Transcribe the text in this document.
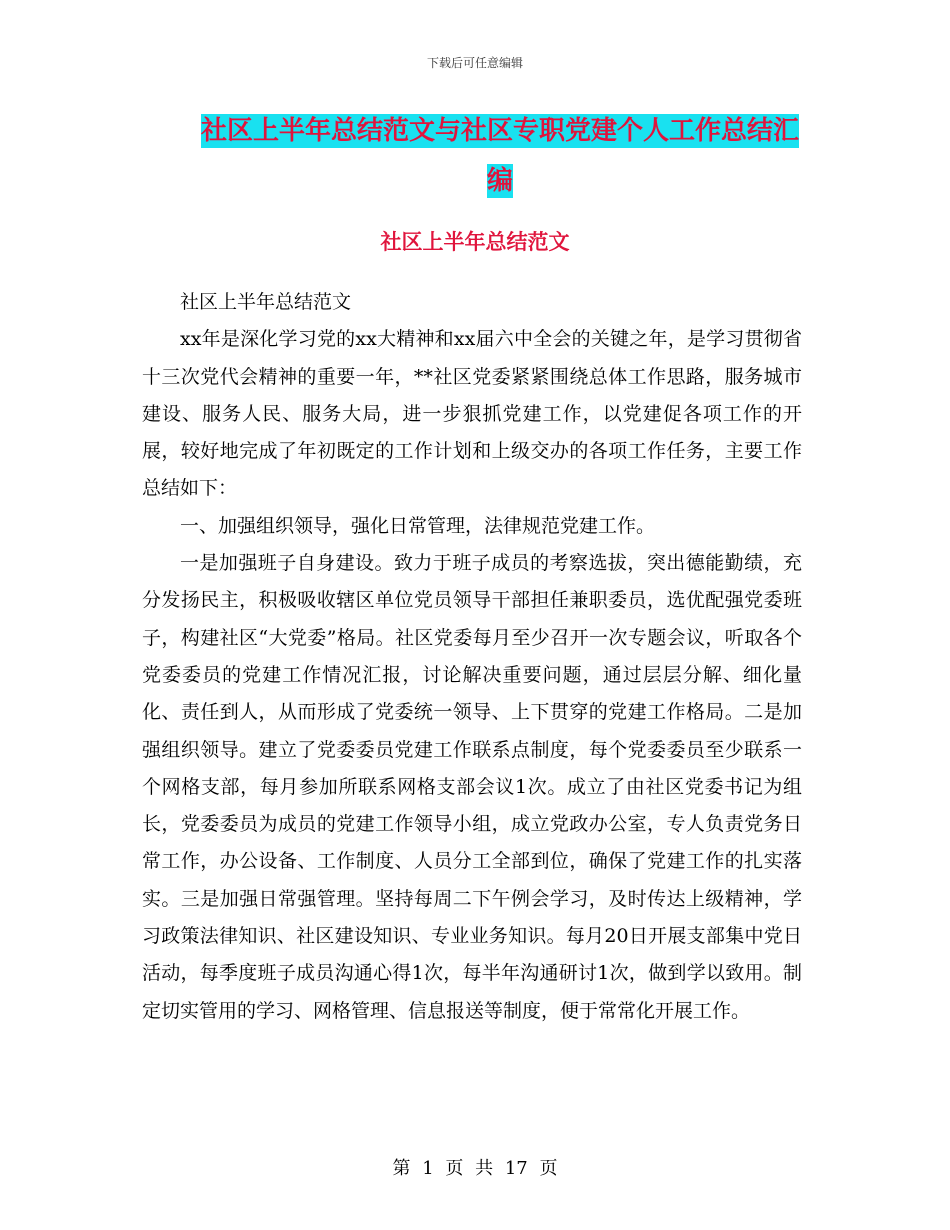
下载后可任意编辑
社区上半年总结范文与社区专职党建个人工作总结汇
编
社区上半年总结范文

社区上半年总结范文

xx年是深化学习党的xx大精神和xx届六中全会的关键之年，是学习贯彻省十三次党代会精神的重要一年，**社区党委紧紧围绕总体工作思路，服务城市建设、服务人民、服务大局，进一步狠抓党建工作，以党建促各项工作的开展，较好地完成了年初既定的工作计划和上级交办的各项工作任务，主要工作总结如下：

一、加强组织领导，强化日常管理，法律规范党建工作。

一是加强班子自身建设。致力于班子成员的考察选拔，突出德能勤绩，充分发扬民主，积极吸收辖区单位党员领导干部担任兼职委员，选优配强党委班子，构建社区“大党委”格局。社区党委每月至少召开一次专题会议，听取各个党委委员的党建工作情况汇报，讨论解决重要问题，通过层层分解、细化量化、责任到人，从而形成了党委统一领导、上下贯穿的党建工作格局。二是加强组织领导。建立了党委委员党建工作联系点制度，每个党委委员至少联系一个网格支部，每月参加所联系网格支部会议1次。成立了由社区党委书记为组长，党委委员为成员的党建工作领导小组，成立党政办公室，专人负责党务日常工作，办公设备、工作制度、人员分工全部到位，确保了党建工作的扎实落实。三是加强日常强管理。坚持每周二下午例会学习，及时传达上级精神，学习政策法律知识、社区建设知识、专业业务知识。每月20日开展支部集中党日活动，每季度班子成员沟通心得1次，每半年沟通研讨1次，做到学以致用。制定切实管用的学习、网格管理、信息报送等制度，便于常常化开展工作。

第 1 页 共 17 页
